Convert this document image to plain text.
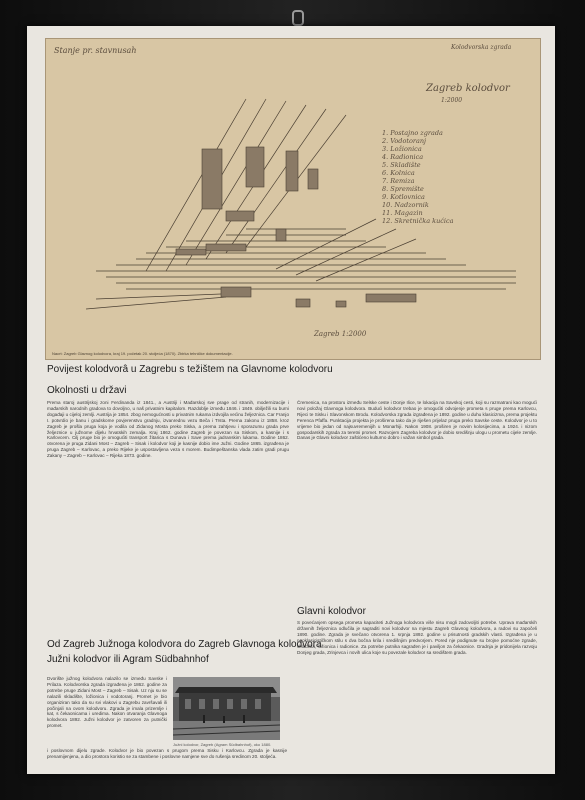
Stanje pr. stavnusah	Kolodvorska zgrada
Zagreb kolodvor
1:2000
1. Postajno zgrada
2. Vodotoranj
3. Ložionica
4. Radionica
5. Skladište
6. Kolnica
7. Remiza
8. Spremište
9. Kotlovnica
10. Nadzornik
11. Magazin
12. Skretnička kućica
Zagreb 1:2000
Nacrt: Zagreb Glavnog kolodvora, kraj 19. početak 20. stoljeća (1870). Zbirka tehničke dokumentacije.
Povijest kolodvorâ u Zagrebu s težištem na Glavnome kolodvoru
Okolnosti u državi
Prema staroj austrijskoj zoni Ferdinanda iz 1841., a Austriji i Mađarskoj sve prage od stranih, modernizacije i mađarskih narodnih gradova to dovoljno, u naš privatnim kapitalom. Razdoblje između 1846. i 1849. obilježili su burni događaji u cijeloj zemlji. Austrija je 1854. zbog nemogućnosti u privatnim rukama izdvojila većinu željeznica. Car Franjo I. potvrdio je banu i gradskome povjerenstvu gradnju, izvanrednu vezu Beča i Trsta. Prema zakonu iz 1858. kroz Zagreb je prošla pruga koja je vodila od Zidanog Mosta preko Siska, a prema zahtjevu i sporazumu grada prve željeznice u južnome dijelu hrvatskih zemalja. Kraj 1862. godine Zagreb je povezan sa Siskom, a kasnije i s Karlovcem. Cilj pruge bio je omogućiti transport žitarica s Dunava i Save prema jadranskim lukama. Godine 1862. otvorena je pruga Zidani Most – Zagreb – Sisak i kolodvor koji je kasnije dobio ime Južni. Godine 1865. izgrađena je pruga Zagreb – Karlovac, a preko Rijeke je uspostavljena veza s morem. Budimpeštanska vlada zatim gradi prugu Zakany – Zagreb – Karlovac – Rijeka 1873. godine.
Čremenica, na prostoru između Selske ceste i Donje Ilice, te lokacija na Savskoj cesti, koji su razmatrani kao mogući novi položaj Glavnoga kolodvora. Budući kolodvor trebao je omogućiti odvojenje prometa s pruge prema Karlovcu, Rijeci te Sisku i Slavonskom Brodu. Kolodvorska zgrada izgrađena je 1892. godine u duhu klasicizma, prema projektu Ferenca Pfaffa. Punktacija projekta je proširena tako da je riješen prijelaz pruga preko Savske ceste. Kolodvor je u to vrijeme bio jedan od najsuvremenijih u Monarhiji. Nakon 1908. proširen je novim kolosijecima, a 1924. i nizom gospodarskih zgrada za teretni promet. Razvojem Zagreba kolodvor je dobio središnju ulogu u prometu cijele zemlje. Danas je Glavni kolodvor zaštićeno kulturno dobro i važan simbol grada.
Glavni kolodvor
S povećanjem opsega prometa kapaciteti Južnoga kolodvora više nisu mogli zadovoljiti potrebe. Uprava mađarskih državnih željeznica odlučila je sagraditi novi kolodvor na mjestu Zagreb Glavnog kolodvora, a radovi su započeli 1890. godine. Zgrada je svečano otvorena 1. srpnja 1892. godine u prisutnosti gradskih vlasti. Izgrađena je u neoklasicističkom stilu s dva bočna krila i središnjim predvorjem. Pored nje podignute su brojne pomoćne zgrade, skladišta, ložionica i radionice. Za potrebe putnika sagrađen je i paviljon za čekaonice. Gradnja je pridonijela razvoju Donjeg grada, Zrinjevca i novih ulica koje su povezale kolodvor sa središtem grada.
Od Zagreb Južnoga kolodvora do Zagreb Glavnoga kolodvora
Južni kolodvor ili Agram Südbahnhof
Dvorište južnog kolodvora nalazilo se između Savske i Prilaza. Kolodvorska zgrada izgrađena je 1862. godine za potrebe pruge Zidani Most – Zagreb – Sisak. Uz nju su se nalazili skladište, ložionica i vodotoranj. Promet je bio organiziran tako da su svi vlakovi u Zagrebu završavali ili počinjali na ovom kolodvoru. Zgrada je imala prizemlje i kat, s čekaonicama i uredima. Nakon otvaranja Glavnoga kolodvora 1892. Južni kolodvor je zatvoren za putnički promet.
Južni kolodvor, Zagreb (Agram Südbahnhof), oko 1880.
i poslovnom dijelu zgrade. Kolodvor je bio povezan s prugom prema Sisku i Karlovcu. Zgrada je kasnije prenamijenjena, a dio prostora koristio se za stambene i poslovne namjene sve do rušenja sredinom 20. stoljeća.
